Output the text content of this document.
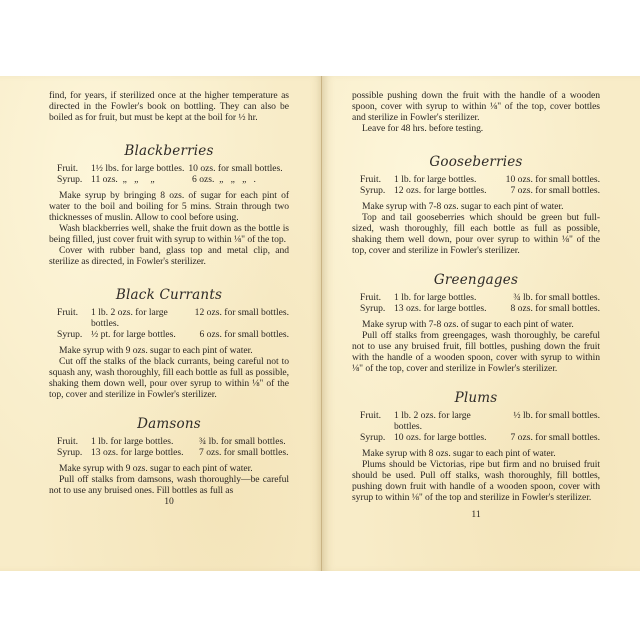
find, for years, if sterilized once at the higher temperature as directed in the Fowler's book on bottling. They can also be boiled as for fruit, but must be kept at the boil for ½ hr.

Blackberries
Fruit.	1½ lbs. for large bottles. 10 ozs. for small bottles.
Syrup. 11 ozs.  „   „     „	6 ozs.  „   „   „   .

Make syrup by bringing 8 ozs. of sugar for each pint of water to the boil and boiling for 5 mins. Strain through two thicknesses of muslin. Allow to cool before using.

Wash blackberries well, shake the fruit down as the bottle is being filled, just cover fruit with syrup to within ⅛" of the top.

Cover with rubber band, glass top and metal clip, and sterilize as directed, in Fowler's sterilizer.

Black Currants
Fruit.	1 lb. 2 ozs. for large bottles.
12 ozs. for small bottles.
Syrup. ½ pt. for large bottles. 6 ozs. for small bottles.

Make syrup with 9 ozs. sugar to each pint of water.

Cut off the stalks of the black currants, being careful not to squash any, wash thoroughly, fill each bottle as full as possible, shaking them down well, pour over syrup to within ⅛" of the top, cover and sterilize in Fowler's sterilizer.

Damsons
Fruit.	1 lb. for large bottles.	¾ lb. for small bottles.
Syrup. 13 ozs. for large bottles.	7 ozs. for small bottles.

Make syrup with 9 ozs. sugar to each pint of water.

Pull off stalks from damsons, wash thoroughly—be careful not to use any bruised ones. Fill bottles as full as

10

possible pushing down the fruit with the handle of a wooden spoon, cover with syrup to within ⅛" of the top, cover bottles and sterilize in Fowler's sterilizer.

Leave for 48 hrs. before testing.

Gooseberries
Fruit.	1 lb. for large bottles.	10 ozs. for small bottles.
Syrup. 12 ozs. for large bottles. 7 ozs. for small bottles.

Make syrup with 7-8 ozs. sugar to each pint of water.

Top and tail gooseberries which should be green but full-sized, wash thoroughly, fill each bottle as full as possible, shaking them well down, pour over syrup to within ⅛" of the top, cover and sterilize in Fowler's sterilizer.

Greengages
Fruit.	1 lb. for large bottles.	¾ lb. for small bottles.
Syrup. 13 ozs. for large bottles. 8 ozs. for small bottles.

Make syrup with 7-8 ozs. of sugar to each pint of water.

Pull off stalks from greengages, wash thoroughly, be careful not to use any bruised fruit, fill bottles, pushing down the fruit with the handle of a wooden spoon, cover with syrup to within ⅛" of the top, cover and sterilize in Fowler's sterilizer.

Plums
Fruit.	1 lb. 2 ozs. for large bottles.
½ lb. for small bottles.
Syrup. 10 ozs. for large bottles. 7 ozs. for small bottles.

Make syrup with 8 ozs. sugar to each pint of water.

Plums should be Victorias, ripe but firm and no bruised fruit should be used. Pull off stalks, wash thoroughly, fill bottles, pushing down fruit with handle of a wooden spoon, cover with syrup to within ⅛" of the top and sterilize in Fowler's sterilizer.

11
